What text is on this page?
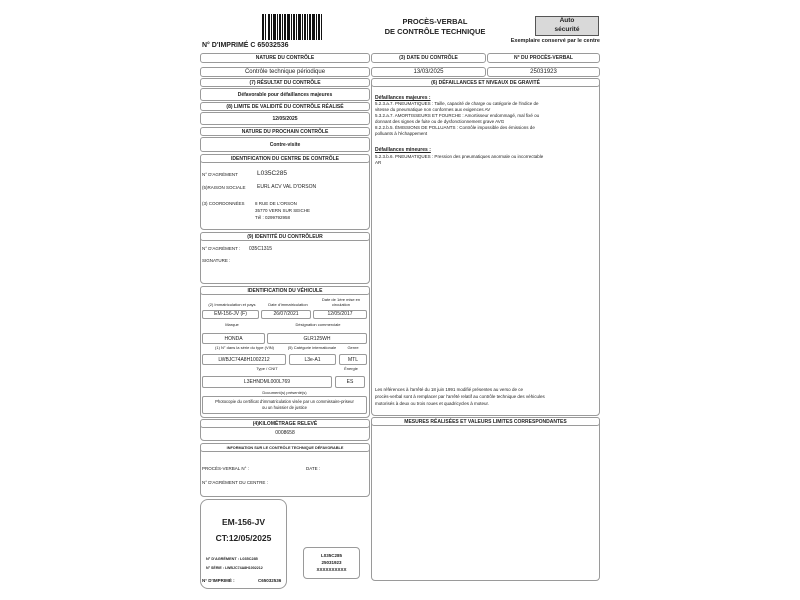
N° D'IMPRIMÉ C 65032536
PROCÈS-VERBAL
DE CONTRÔLE TECHNIQUE
Auto
sécurité
Exemplaire conservé par le centre
NATURE DU CONTRÔLE
Contrôle technique périodique
(7) RÉSULTAT DU CONTRÔLE
Défavorable pour défaillances majeures
(8) LIMITE DE VALIDITÉ DU CONTRÔLE RÉALISÉ
12/05/2025
NATURE DU PROCHAIN CONTRÔLE
Contre-visite
IDENTIFICATION DU CENTRE DE CONTRÔLE
N° D'AGRÉMENT	L035C285
(5)RAISON SOCIALE EURL ACV VAL D'ORSON
(3) COORDONNÉES 8 RUE DE L'ORSON
35770 VERN SUR SEICHE
Tél : 0299792958
(9) IDENTITÉ DU CONTRÔLEUR
N° D'AGRÉMENT : 035C1315
SIGNATURE :
IDENTIFICATION DU VÉHICULE
(2) Immatriculation et pays	Date d'immatriculation
Date de 1ère mise en circulation
EM-156-JV (F)	26/07/2021	12/05/2017
Marque	Désignation commerciale
HONDA	GLR125WH
(1) N° dans la série du type (VIN)	(5) Catégorie internationale	Genre
LWBJC74A8H1002212	L3e-A1	MTL
Type / CNIT	Énergie
L3EHNDML000L769	ES
Document(s) présenté(s)
Photocopie du certificat d'immatriculation visée par un commissaire-priseur ou un huissier de justice
(4)KILOMÉTRAGE RELEVÉ
0008658
INFORMATION SUR LE CONTRÔLE TECHNIQUE DÉFAVORABLE
PROCÈS-VERBAL N° :	DATE :
N° D'AGRÉMENT DU CENTRE :
EM-156-JV
CT:12/05/2025
N° D'AGRÉMENT : L035C285
N° SÉRIE : LWBJC74A8H1002212
N° D'IMPRIMÉ :	C65032536
L035C285
25031923
XXXXXXXXXX
(3) DATE DU CONTRÔLE
13/03/2025
N° DU PROCÈS-VERBAL
25031923
(6) DÉFAILLANCES ET NIVEAUX DE GRAVITÉ
Défaillances majeures :
5.2.3.a.7. PNEUMATIQUES : Taille, capacité de charge ou catégorie de l'indice de
vitesse du pneumatique non conformes aux exigences AV
5.3.2.a.7. AMORTISSEURS ET FOURCHE : Amortisseur endommagé, mal fixé ou
donnant des signes de fuite ou de dysfonctionnement grave AVG
8.2.2.b.5. ÉMISSIONS DE POLLUANTS : Contrôle impossible des émissions de
polluants à l'échappement
Défaillances mineures :
5.2.3.b.6. PNEUMATIQUES : Pression des pneumatiques anormale ou incorrectable
AR
Les références à l'arrêté du 18 juin 1991 modifié présentes au verso de ce
procès-verbal sont à remplacer par l'arrêté relatif au contrôle technique des véhicules
motorisés à deux ou trois roues et quadricycles à moteur.
MESURES RÉALISÉES ET VALEURS LIMITES CORRESPONDANTES
